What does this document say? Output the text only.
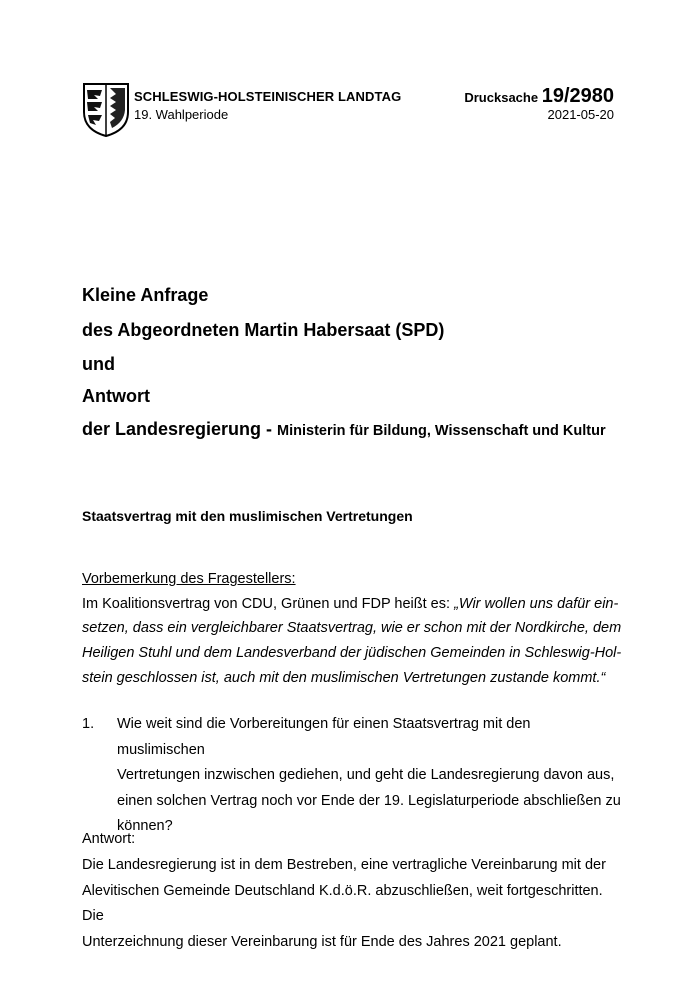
SCHLESWIG-HOLSTEINISCHER LANDTAG
19. Wahlperiode
Drucksache 19/2980
2021-05-20
Kleine Anfrage
des Abgeordneten Martin Habersaat (SPD)
und
Antwort
der Landesregierung - Ministerin für Bildung, Wissenschaft und Kultur
Staatsvertrag mit den muslimischen Vertretungen
Vorbemerkung des Fragestellers:
Im Koalitionsvertrag von CDU, Grünen und FDP heißt es: „Wir wollen uns dafür ein-
setzen, dass ein vergleichbarer Staatsvertrag, wie er schon mit der Nordkirche, dem
Heiligen Stuhl und dem Landesverband der jüdischen Gemeinden in Schleswig-Hol-
stein geschlossen ist, auch mit den muslimischen Vertretungen zustande kommt.“
1. Wie weit sind die Vorbereitungen für einen Staatsvertrag mit den muslimischen
Vertretungen inzwischen gediehen, und geht die Landesregierung davon aus,
einen solchen Vertrag noch vor Ende der 19. Legislaturperiode abschließen zu
können?
Antwort:
Die Landesregierung ist in dem Bestreben, eine vertragliche Vereinbarung mit der
Alevitischen Gemeinde Deutschland K.d.ö.R. abzuschließen, weit fortgeschritten. Die
Unterzeichnung dieser Vereinbarung ist für Ende des Jahres 2021 geplant.
